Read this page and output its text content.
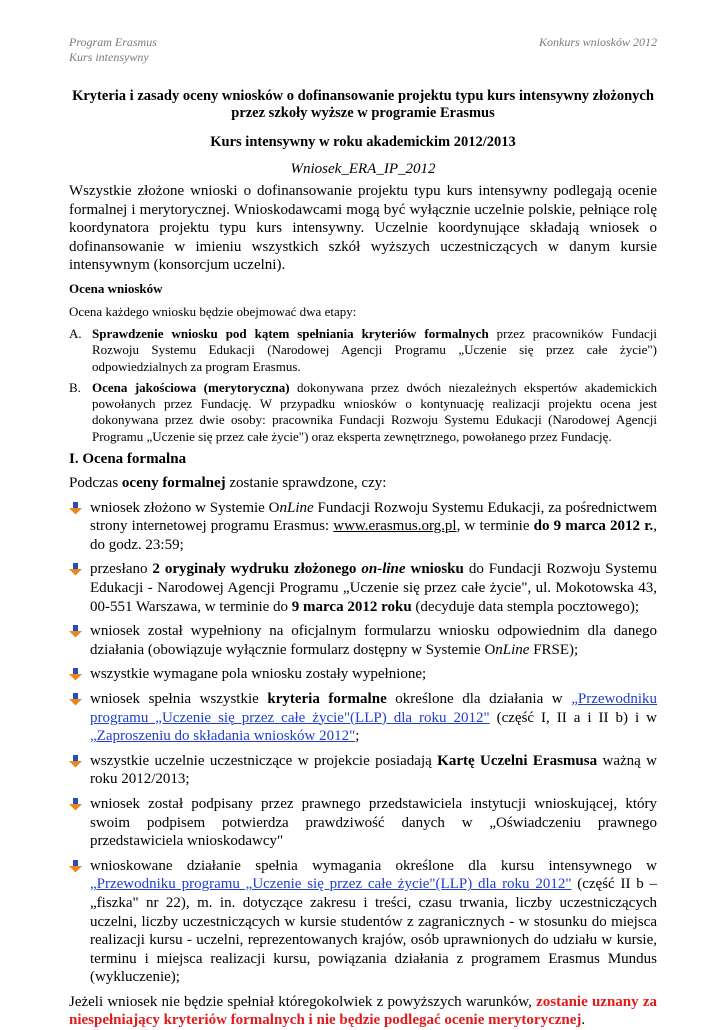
Program Erasmus
Kurs intensywny
Konkurs wniosków 2012
Kryteria i zasady oceny wniosków o dofinansowanie projektu typu kurs intensywny złożonych przez szkoły wyższe w programie Erasmus
Kurs intensywny w roku akademickim 2012/2013
Wniosek_ERA_IP_2012
Wszystkie złożone wnioski o dofinansowanie projektu typu kurs intensywny podlegają ocenie formalnej i merytorycznej. Wnioskodawcami mogą być wyłącznie uczelnie polskie, pełniące rolę koordynatora projektu typu kurs intensywny. Uczelnie koordynujące składają wniosek o dofinansowanie w imieniu wszystkich szkół wyższych uczestniczących w danym kursie intensywnym (konsorcjum uczelni).
Ocena wniosków
Ocena każdego wniosku będzie obejmować dwa etapy:
A. Sprawdzenie wniosku pod kątem spełniania kryteriów formalnych przez pracowników Fundacji Rozwoju Systemu Edukacji (Narodowej Agencji Programu „Uczenie się przez całe życie") odpowiedzialnych za program Erasmus.
B. Ocena jakościowa (merytoryczna) dokonywana przez dwóch niezależnych ekspertów akademickich powołanych przez Fundację. W przypadku wniosków o kontynuację realizacji projektu ocena jest dokonywana przez dwie osoby: pracownika Fundacji Rozwoju Systemu Edukacji (Narodowej Agencji Programu „Uczenie się przez całe życie") oraz eksperta zewnętrznego, powołanego przez Fundację.
I. Ocena formalna
Podczas oceny formalnej zostanie sprawdzone, czy:
wniosek złożono w Systemie OnLine Fundacji Rozwoju Systemu Edukacji, za pośrednictwem strony internetowej programu Erasmus: www.erasmus.org.pl, w terminie do 9 marca 2012 r., do godz. 23:59;
przesłano 2 oryginały wydruku złożonego on-line wniosku do Fundacji Rozwoju Systemu Edukacji - Narodowej Agencji Programu „Uczenie się przez całe życie", ul. Mokotowska 43, 00-551 Warszawa, w terminie do 9 marca 2012 roku (decyduje data stempla pocztowego);
wniosek został wypełniony na oficjalnym formularzu wniosku odpowiednim dla danego działania (obowiązuje wyłącznie formularz dostępny w Systemie OnLine FRSE);
wszystkie wymagane pola wniosku zostały wypełnione;
wniosek spełnia wszystkie kryteria formalne określone dla działania w „Przewodniku programu „Uczenie się przez całe życie"(LLP) dla roku 2012" (część I, II a i II b) i w „Zaproszeniu do składania wniosków 2012";
wszystkie uczelnie uczestniczące w projekcie posiadają Kartę Uczelni Erasmusa ważną w roku 2012/2013;
wniosek został podpisany przez prawnego przedstawiciela instytucji wnioskującej, który swoim podpisem potwierdza prawdziwość danych w „Oświadczeniu prawnego przedstawiciela wnioskodawcy"
wnioskowane działanie spełnia wymagania określone dla kursu intensywnego w „Przewodniku programu „Uczenie się przez całe życie"(LLP) dla roku 2012" (część II b – „fiszka" nr 22), m. in. dotyczące zakresu i treści, czasu trwania, liczby uczestniczących uczelni, liczby uczestniczących w kursie studentów z zagranicznych - w stosunku do miejsca realizacji kursu - uczelni, reprezentowanych krajów, osób uprawnionych do udziału w kursie, terminu i miejsca realizacji kursu, powiązania działania z programem Erasmus Mundus (wykluczenie);
Jeżeli wniosek nie będzie spełniał któregokolwiek z powyższych warunków, zostanie uznany za niespełniający kryteriów formalnych i nie będzie podlegać ocenie merytorycznej.
